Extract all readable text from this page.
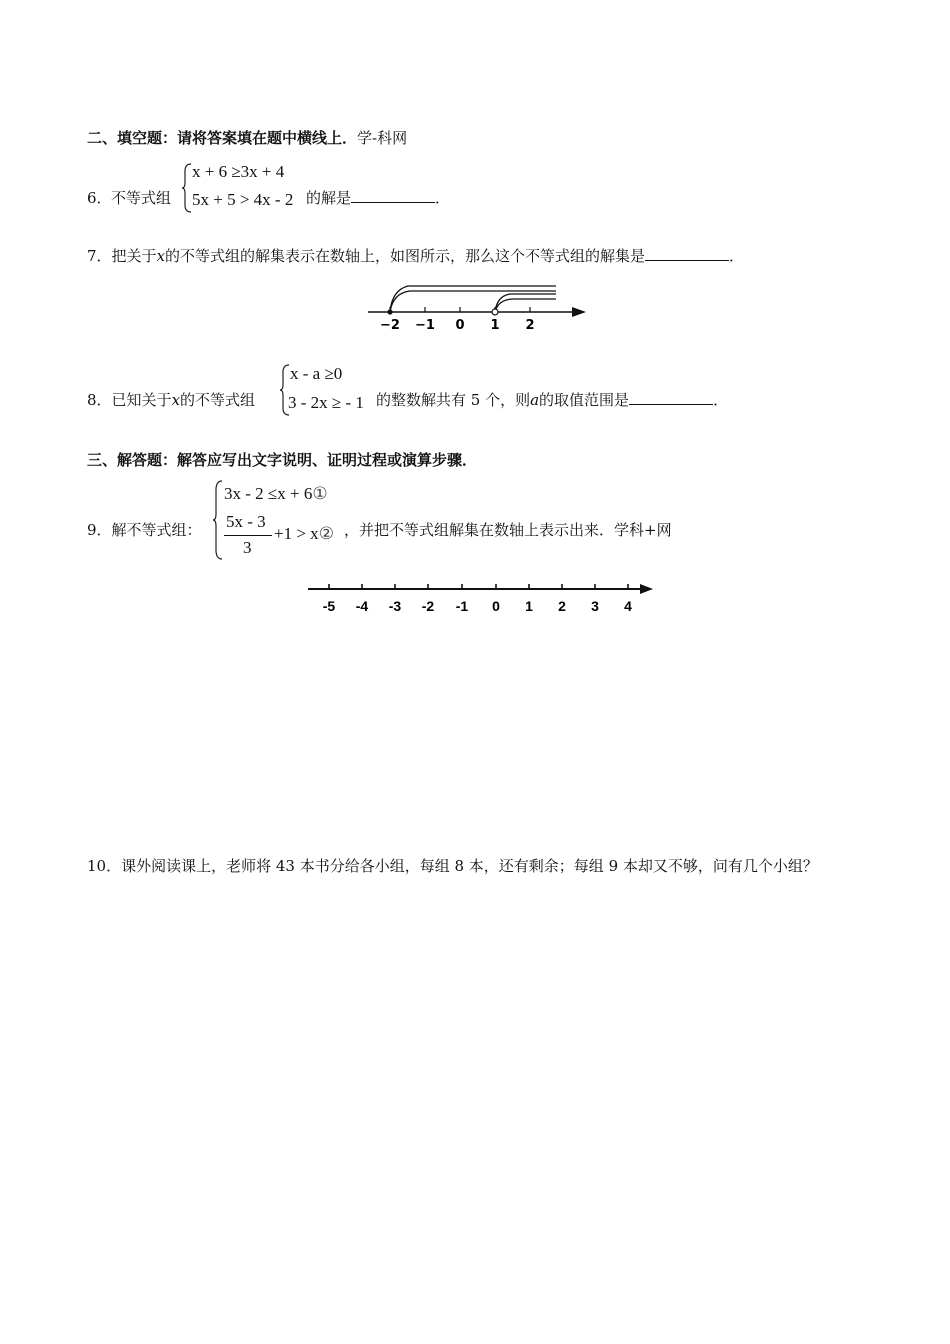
二、填空题：请将答案填在题中横线上．学-科网
6． 不等式组
x + 6 ≥3x + 4
5x + 5 > 4x - 2 的解是	．
7．把关于x的不等式组的解集表示在数轴上，如图所示，那么这个不等式组的解集是	．
−2 −1 0 1 2
8．已知关于x的不等式组
x - a ≥0
3 - 2x ≥ - 1 的整数解共有 5 个，则a的取值范围是	．
三、解答题：解答应写出文字说明、证明过程或演算步骤．
9．解不等式组：
3x - 2 ≤x + 6①
5x - 3
3
+1 > x② ，并把不等式组解集在数轴上表示出来．学科+网
-5 -4 -3 -2 -1 0 1 2 3 4
10．课外阅读课上，老师将 43 本书分给各小组，每组 8 本，还有剩余；每组 9 本却又不够，问有几个小组？
